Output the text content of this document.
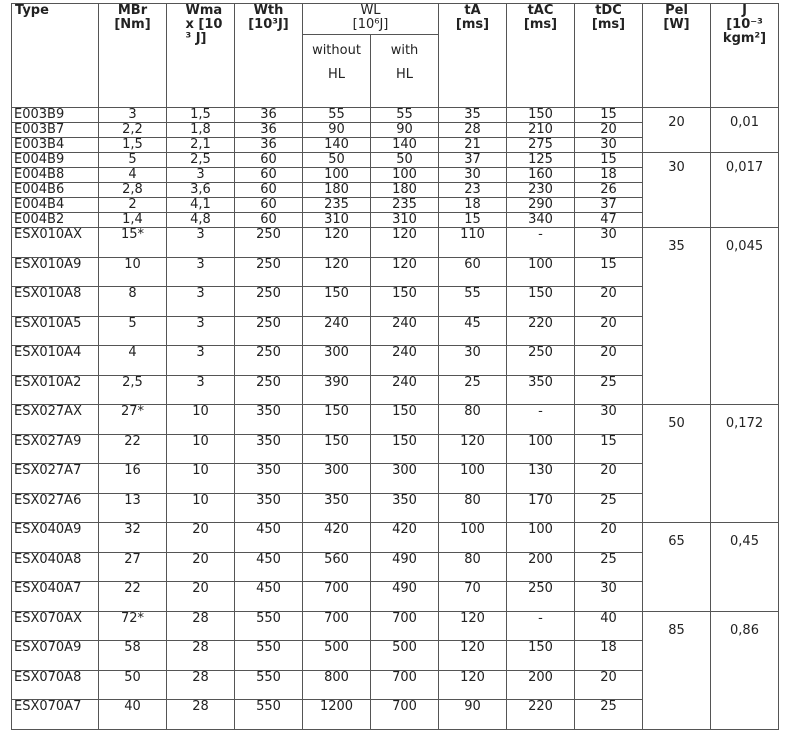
Type	MBr [Nm]	Wmax [10³ J]	Wth [10³J]	WL [10⁶J]		tA [ms]	tAC [ms]	tDC [ms]	Pel [W]	J [10⁻³ kgm²]

				without HL	with HL					

E003B9	3	1,5	36	55	55	35	150	15	20	0,01
E003B7	2,2	1,8	36	90	90	28	210	20		
E003B4	1,5	2,1	36	140	140	21	275	30		
E004B9	5	2,5	60	50	50	37	125	15	30	0,017
E004B8	4	3	60	100	100	30	160	18		
E004B6	2,8	3,6	60	180	180	23	230	26		
E004B4	2	4,1	60	235	235	18	290	37		
E004B2	1,4	4,8	60	310	310	15	340	47		
ESX010AX	15*	3	250	120	120	110	-	30	35	0,045
ESX010A9	10	3	250	120	120	60	100	15		
ESX010A8	8	3	250	150	150	55	150	20		
ESX010A5	5	3	250	240	240	45	220	20		
ESX010A4	4	3	250	300	240	30	250	20		
ESX010A2	2,5	3	250	390	240	25	350	25		
ESX027AX	27*	10	350	150	150	80	-	30	50	0,172
ESX027A9	22	10	350	150	150	120	100	15		
ESX027A7	16	10	350	300	300	100	130	20		
ESX027A6	13	10	350	350	350	80	170	25		
ESX040A9	32	20	450	420	420	100	100	20	65	0,45
ESX040A8	27	20	450	560	490	80	200	25		
ESX040A7	22	20	450	700	490	70	250	30		
ESX070AX	72*	28	550	700	700	120	-	40	85	0,86
ESX070A9	58	28	550	500	500	120	150	18		
ESX070A8	50	28	550	800	700	120	200	20		
ESX070A7	40	28	550	1200	700	90	220	25		
